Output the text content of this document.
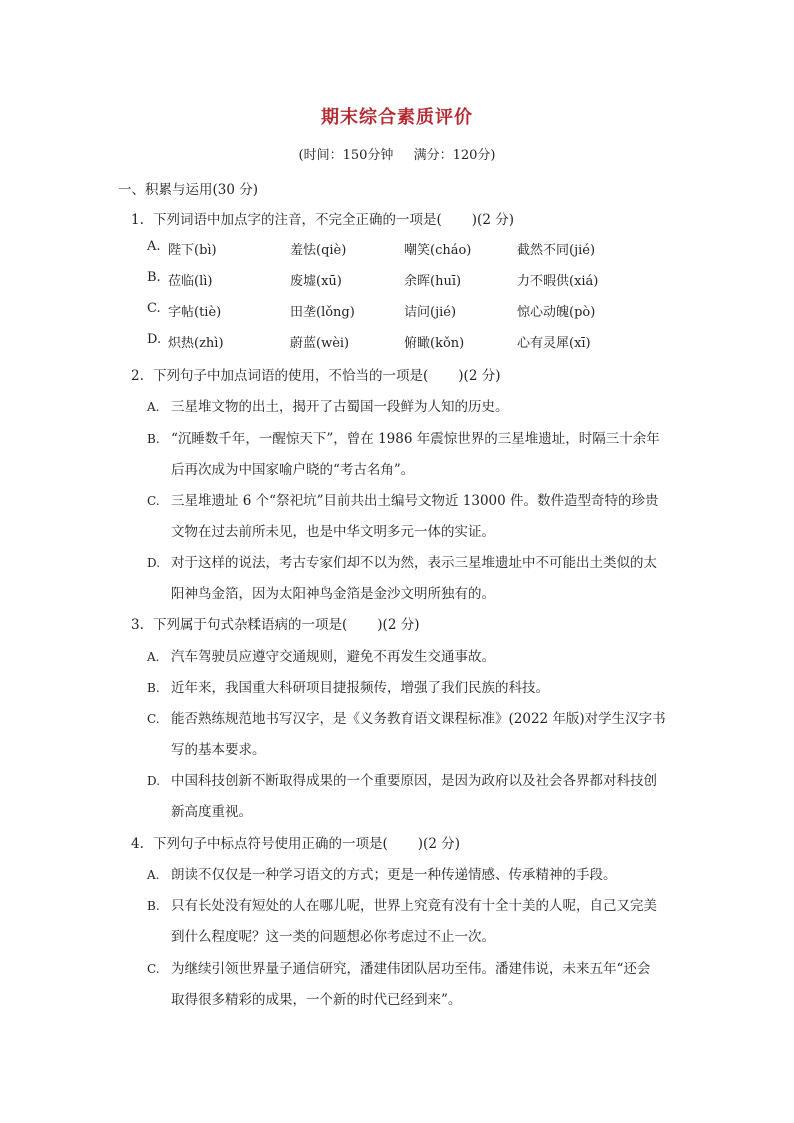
期末综合素质评价
(时间：150分钟 满分：120分)
一、积累与运用(30 分)
1. 下列词语中加点字的注音，不完全正确的一项是( )(2 分)
A. 陛下(bì)	羞怯(qiè)	嘲笑(cháo)	截然不同(jié)
B. 莅临(lì)	废墟(xū)	余晖(huī)	力不暇供(xiá)
C. 字帖(tiè)	田垄(lǒng)	诘问(jié)	惊心动魄(pò)
D. 炽热(zhì)	蔚蓝(wèi)	俯瞰(kǒn)	心有灵犀(xī)
2. 下列句子中加点词语的使用，不恰当的一项是( )(2 分)
A. 三星堆文物的出土，揭开了古蜀国一段鲜为人知的历史。
B. “沉睡数千年，一醒惊天下”，曾在 1986 年震惊世界的三星堆遗址，时隔三十余年
后再次成为中国家喻户晓的“考古名角”。
C. 三星堆遗址 6 个“祭祀坑”目前共出土编号文物近 13000 件。数件造型奇特的珍贵
文物在过去前所未见，也是中华文明多元一体的实证。
D. 对于这样的说法，考古专家们却不以为然，表示三星堆遗址中不可能出土类似的太
阳神鸟金箔，因为太阳神鸟金箔是金沙文明所独有的。
3. 下列属于句式杂糅语病的一项是( )(2 分)
A. 汽车驾驶员应遵守交通规则，避免不再发生交通事故。
B. 近年来，我国重大科研项目捷报频传，增强了我们民族的科技。
C. 能否熟练规范地书写汉字，是《义务教育语文课程标准》(2022 年版)对学生汉字书
写的基本要求。
D. 中国科技创新不断取得成果的一个重要原因，是因为政府以及社会各界都对科技创
新高度重视。
4. 下列句子中标点符号使用正确的一项是( )(2 分)
A. 朗读不仅仅是一种学习语文的方式；更是一种传递情感、传承精神的手段。
B. 只有长处没有短处的人在哪儿呢，世界上究竟有没有十全十美的人呢，自己又完美
到什么程度呢？这一类的问题想必你考虑过不止一次。
C. 为继续引领世界量子通信研究，潘建伟团队居功至伟。潘建伟说，未来五年“还会
取得很多精彩的成果，一个新的时代已经到来”。
